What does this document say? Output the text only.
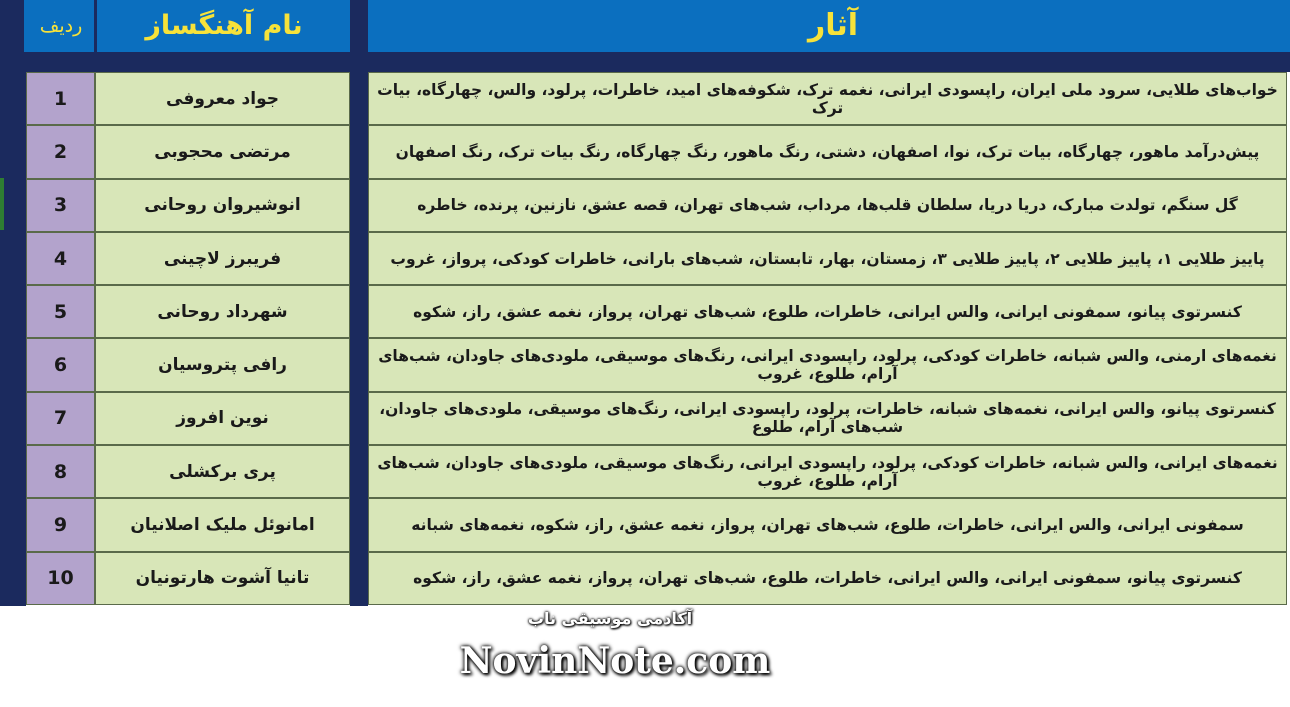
ردیف	نام آهنگساز	آثار
1	جواد معروفی	خواب‌های طلایی، سرود ملی ایران، راپسودی ایرانی، نغمه ترک، شکوفه‌های امید، خاطرات، پرلود، والس، چهارگاه، بیات ترک
2	مرتضی محجوبی	پیش‌درآمد ماهور، چهارگاه، بیات ترک، نوا، اصفهان، دشتی، رنگ ماهور، رنگ چهارگاه، رنگ بیات ترک، رنگ اصفهان
3	انوشیروان روحانی	گل سنگم، تولدت مبارک، دریا دریا، سلطان قلب‌ها، مرداب، شب‌های تهران، قصه عشق، نازنین، پرنده، خاطره
4	فریبرز لاچینی	پاییز طلایی ۱، پاییز طلایی ۲، پاییز طلایی ۳، زمستان، بهار، تابستان، شب‌های بارانی، خاطرات کودکی، پرواز، غروب
5	شهرداد روحانی	کنسرتوی پیانو، سمفونی ایرانی، والس ایرانی، خاطرات، طلوع، شب‌های تهران، پرواز، نغمه عشق، راز، شکوه
6	رافی پتروسیان	نغمه‌های ارمنی، والس شبانه، خاطرات کودکی، پرلود، راپسودی ایرانی، رنگ‌های موسیقی، ملودی‌های جاودان، شب‌های آرام، طلوع، غروب
7	نوین افروز	کنسرتوی پیانو، والس ایرانی، نغمه‌های شبانه، خاطرات، پرلود، راپسودی ایرانی، رنگ‌های موسیقی، ملودی‌های جاودان، شب‌های آرام، طلوع
8	پری برکشلی	نغمه‌های ایرانی، والس شبانه، خاطرات کودکی، پرلود، راپسودی ایرانی، رنگ‌های موسیقی، ملودی‌های جاودان، شب‌های آرام، طلوع، غروب
9	امانوئل ملیک اصلانیان	سمفونی ایرانی، والس ایرانی، خاطرات، طلوع، شب‌های تهران، پرواز، نغمه عشق، راز، شکوه، نغمه‌های شبانه
10	تانیا آشوت هارتونیان	کنسرتوی پیانو، سمفونی ایرانی، والس ایرانی، خاطرات، طلوع، شب‌های تهران، پرواز، نغمه عشق، راز، شکوه
آکادمی موسیقی ناب
NovinNote.com
